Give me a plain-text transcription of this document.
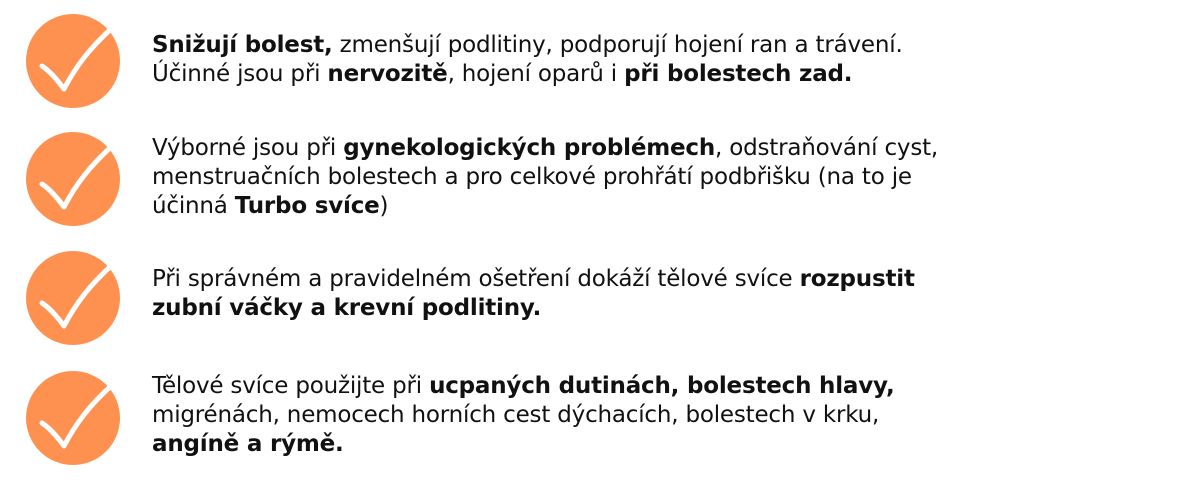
Snižují bolest, zmenšují podlitiny, podporují hojení ran a trávení.
Účinné jsou při nervozitě, hojení oparů i při bolestech zad.
Výborné jsou při gynekologických problémech, odstraňování cyst,
menstruačních bolestech a pro celkové prohřátí podbřišku (na to je
účinná Turbo svíce)
Při správném a pravidelném ošetření dokáží tělové svíce rozpustit
zubní váčky a krevní podlitiny.
Tělové svíce použijte při ucpaných dutinách, bolestech hlavy,
migrénách, nemocech horních cest dýchacích, bolestech v krku,
angíně a rýmě.
